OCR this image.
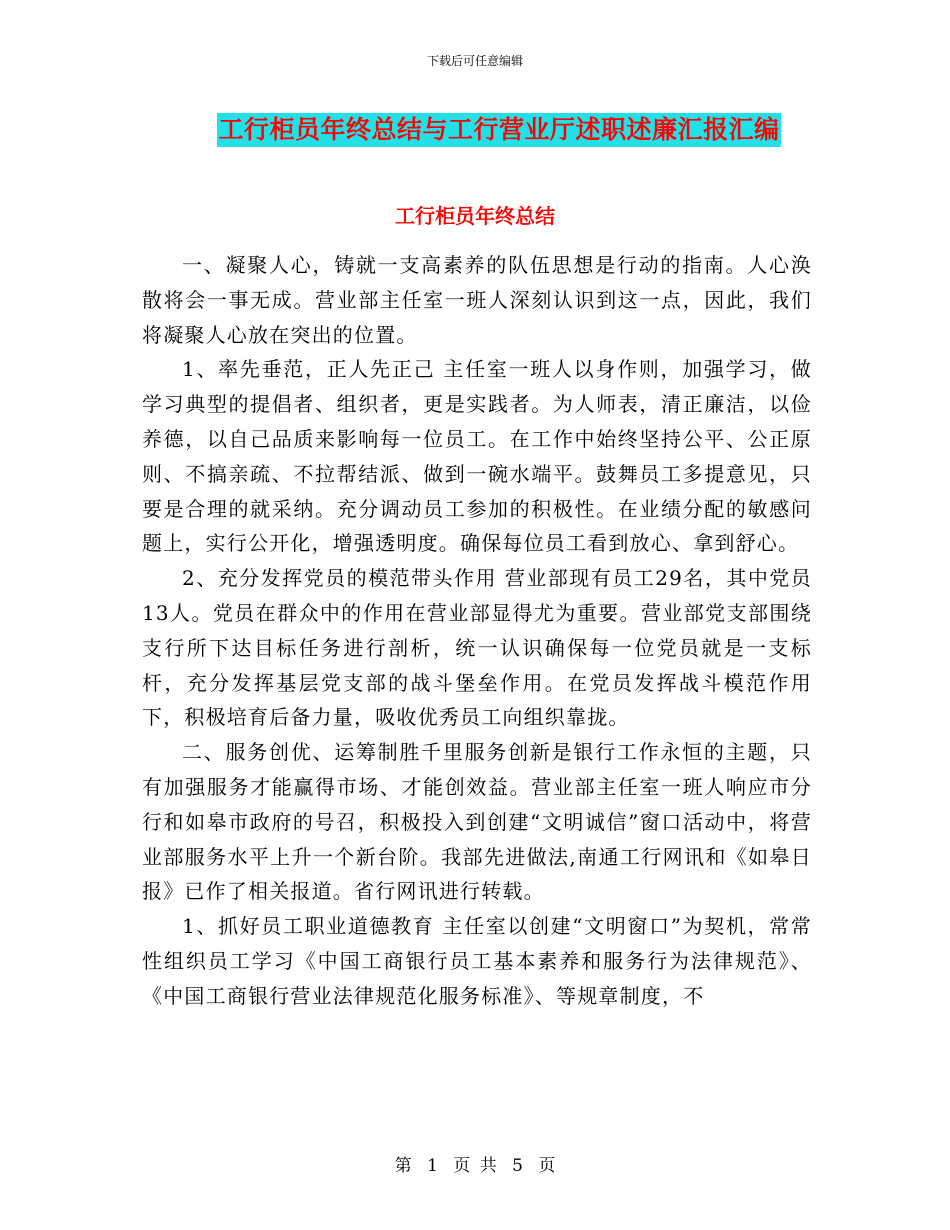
下载后可任意编辑
工行柜员年终总结与工行营业厅述职述廉汇报汇编
工行柜员年终总结

一、凝聚人心，铸就一支高素养的队伍思想是行动的指南。人心涣散将会一事无成。营业部主任室一班人深刻认识到这一点，因此，我们将凝聚人心放在突出的位置。

1、率先垂范，正人先正己 主任室一班人以身作则，加强学习，做学习典型的提倡者、组织者，更是实践者。为人师表，清正廉洁，以俭养德，以自己品质来影响每一位员工。在工作中始终坚持公平、公正原则、不搞亲疏、不拉帮结派、做到一碗水端平。鼓舞员工多提意见，只要是合理的就采纳。充分调动员工参加的积极性。在业绩分配的敏感问题上，实行公开化，增强透明度。确保每位员工看到放心、拿到舒心。

2、充分发挥党员的模范带头作用 营业部现有员工29名，其中党员13人。党员在群众中的作用在营业部显得尤为重要。营业部党支部围绕支行所下达目标任务进行剖析，统一认识确保每一位党员就是一支标杆，充分发挥基层党支部的战斗堡垒作用。在党员发挥战斗模范作用下，积极培育后备力量，吸收优秀员工向组织靠拢。

二、服务创优、运筹制胜千里服务创新是银行工作永恒的主题，只有加强服务才能赢得市场、才能创效益。营业部主任室一班人响应市分行和如皋市政府的号召，积极投入到创建“文明诚信”窗口活动中，将营业部服务水平上升一个新台阶。我部先进做法,南通工行网讯和《如皋日报》已作了相关报道。省行网讯进行转载。

1、抓好员工职业道德教育 主任室以创建“文明窗口”为契机，常常性组织员工学习《中国工商银行员工基本素养和服务行为法律规范》、《中国工商银行营业法律规范化服务标准》、等规章制度，不

第 1 页 共 5 页
